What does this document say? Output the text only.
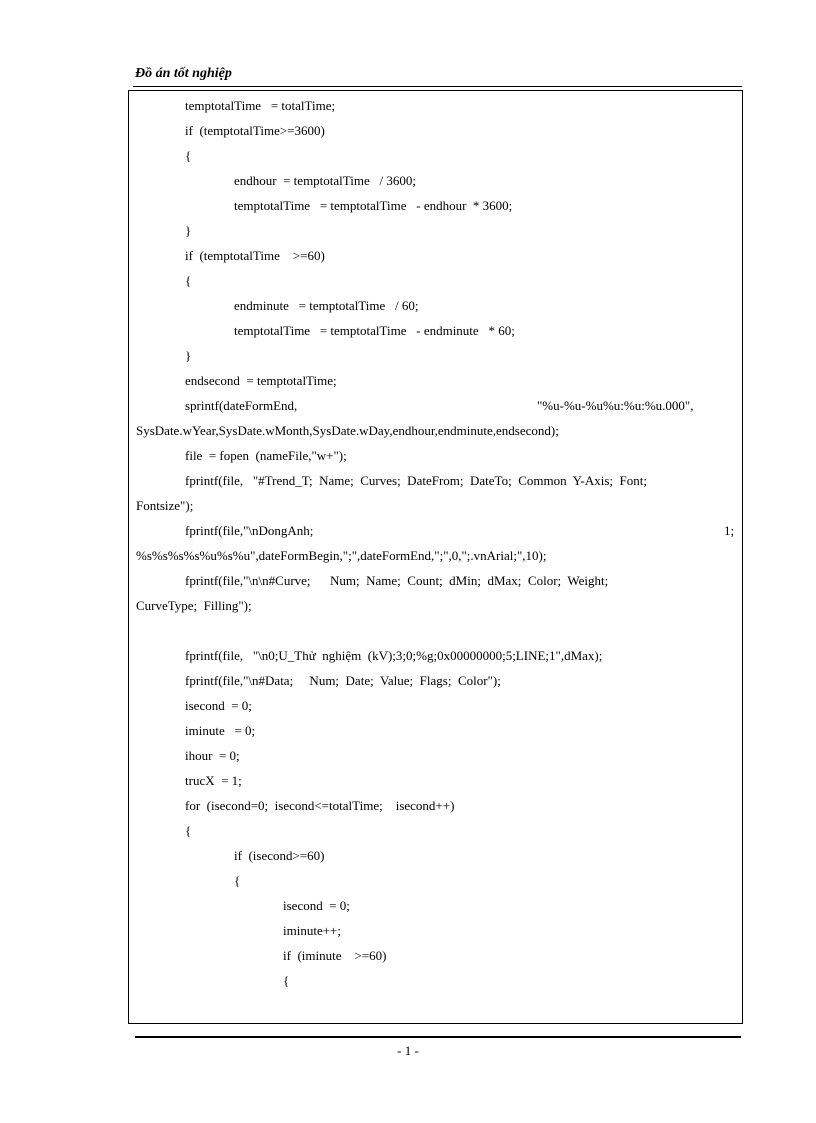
Đồ án tốt nghiệp
temptotalTime   = totalTime;
if  (temptotalTime>=3600)
{
endhour  = temptotalTime   / 3600;
temptotalTime   = temptotalTime   - endhour  * 3600;
}
if  (temptotalTime    >=60)
{
endminute   = temptotalTime   / 60;
temptotalTime   = temptotalTime   - endminute   * 60;
}
endsecond  = temptotalTime;
sprintf(dateFormEnd,	"%u-%u-%u%u:%u:%u.000",
SysDate.wYear,SysDate.wMonth,SysDate.wDay,endhour,endminute,endsecond);
file  = fopen  (nameFile,"w+");
fprintf(file,   "#Trend_T;  Name;  Curves;  DateFrom;  DateTo;  Common  Y-Axis;  Font;
Fontsize");
fprintf(file,"\nDongAnh;	1;
%s%s%s%s%u%s%u",dateFormBegin,";",dateFormEnd,";",0,";.vnArial;",10);
fprintf(file,"\n\n#Curve;      Num;  Name;  Count;  dMin;  dMax;  Color;  Weight;
CurveType;  Filling");
fprintf(file,   "\n0;U_Thử  nghiệm  (kV);3;0;%g;0x00000000;5;LINE;1",dMax);
fprintf(file,"\n#Data;     Num;  Date;  Value;  Flags;  Color");
isecond  = 0;
iminute   = 0;
ihour  = 0;
trucX  = 1;
for  (isecond=0;  isecond<=totalTime;    isecond++)
{
if  (isecond>=60)
{
isecond  = 0;
iminute++;
if  (iminute    >=60)
{
- 1 -
